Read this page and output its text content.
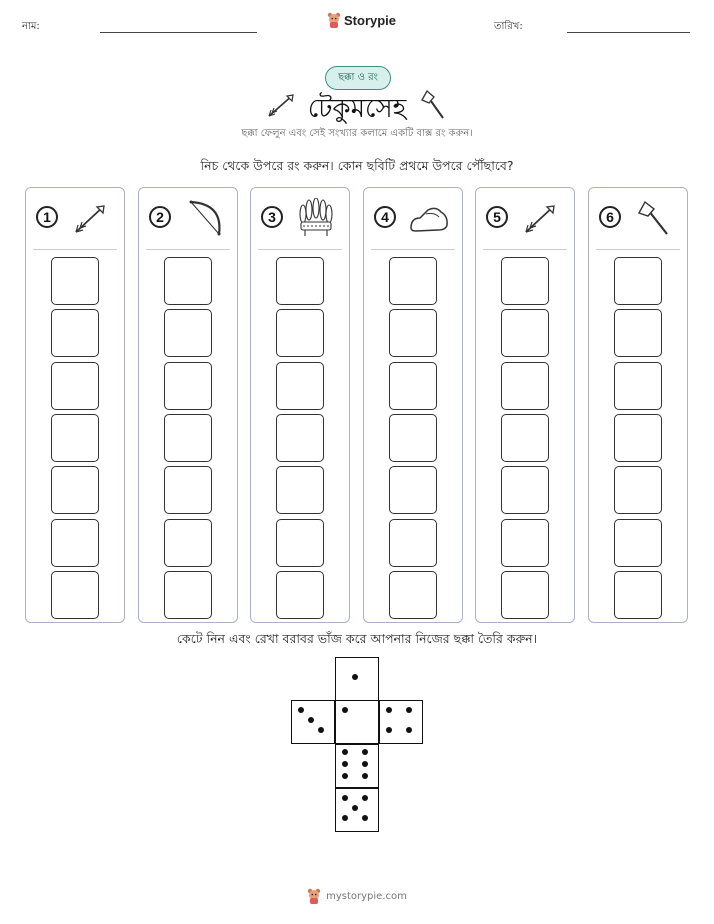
নাম:	Storypie	তারিখ:
ছক্কা ও রং
টেকুমসেহ
ছক্কা ফেলুন এবং সেই সংখ্যার কলামে একটি বাক্স রং করুন।
নিচ থেকে উপরে রং করুন। কোন ছবিটি প্রথমে উপরে পৌঁছাবে?
1	2	3	4	5	6
কেটে নিন এবং রেখা বরাবর ভাঁজ করে আপনার নিজের ছক্কা তৈরি করুন।
mystorypie.com
